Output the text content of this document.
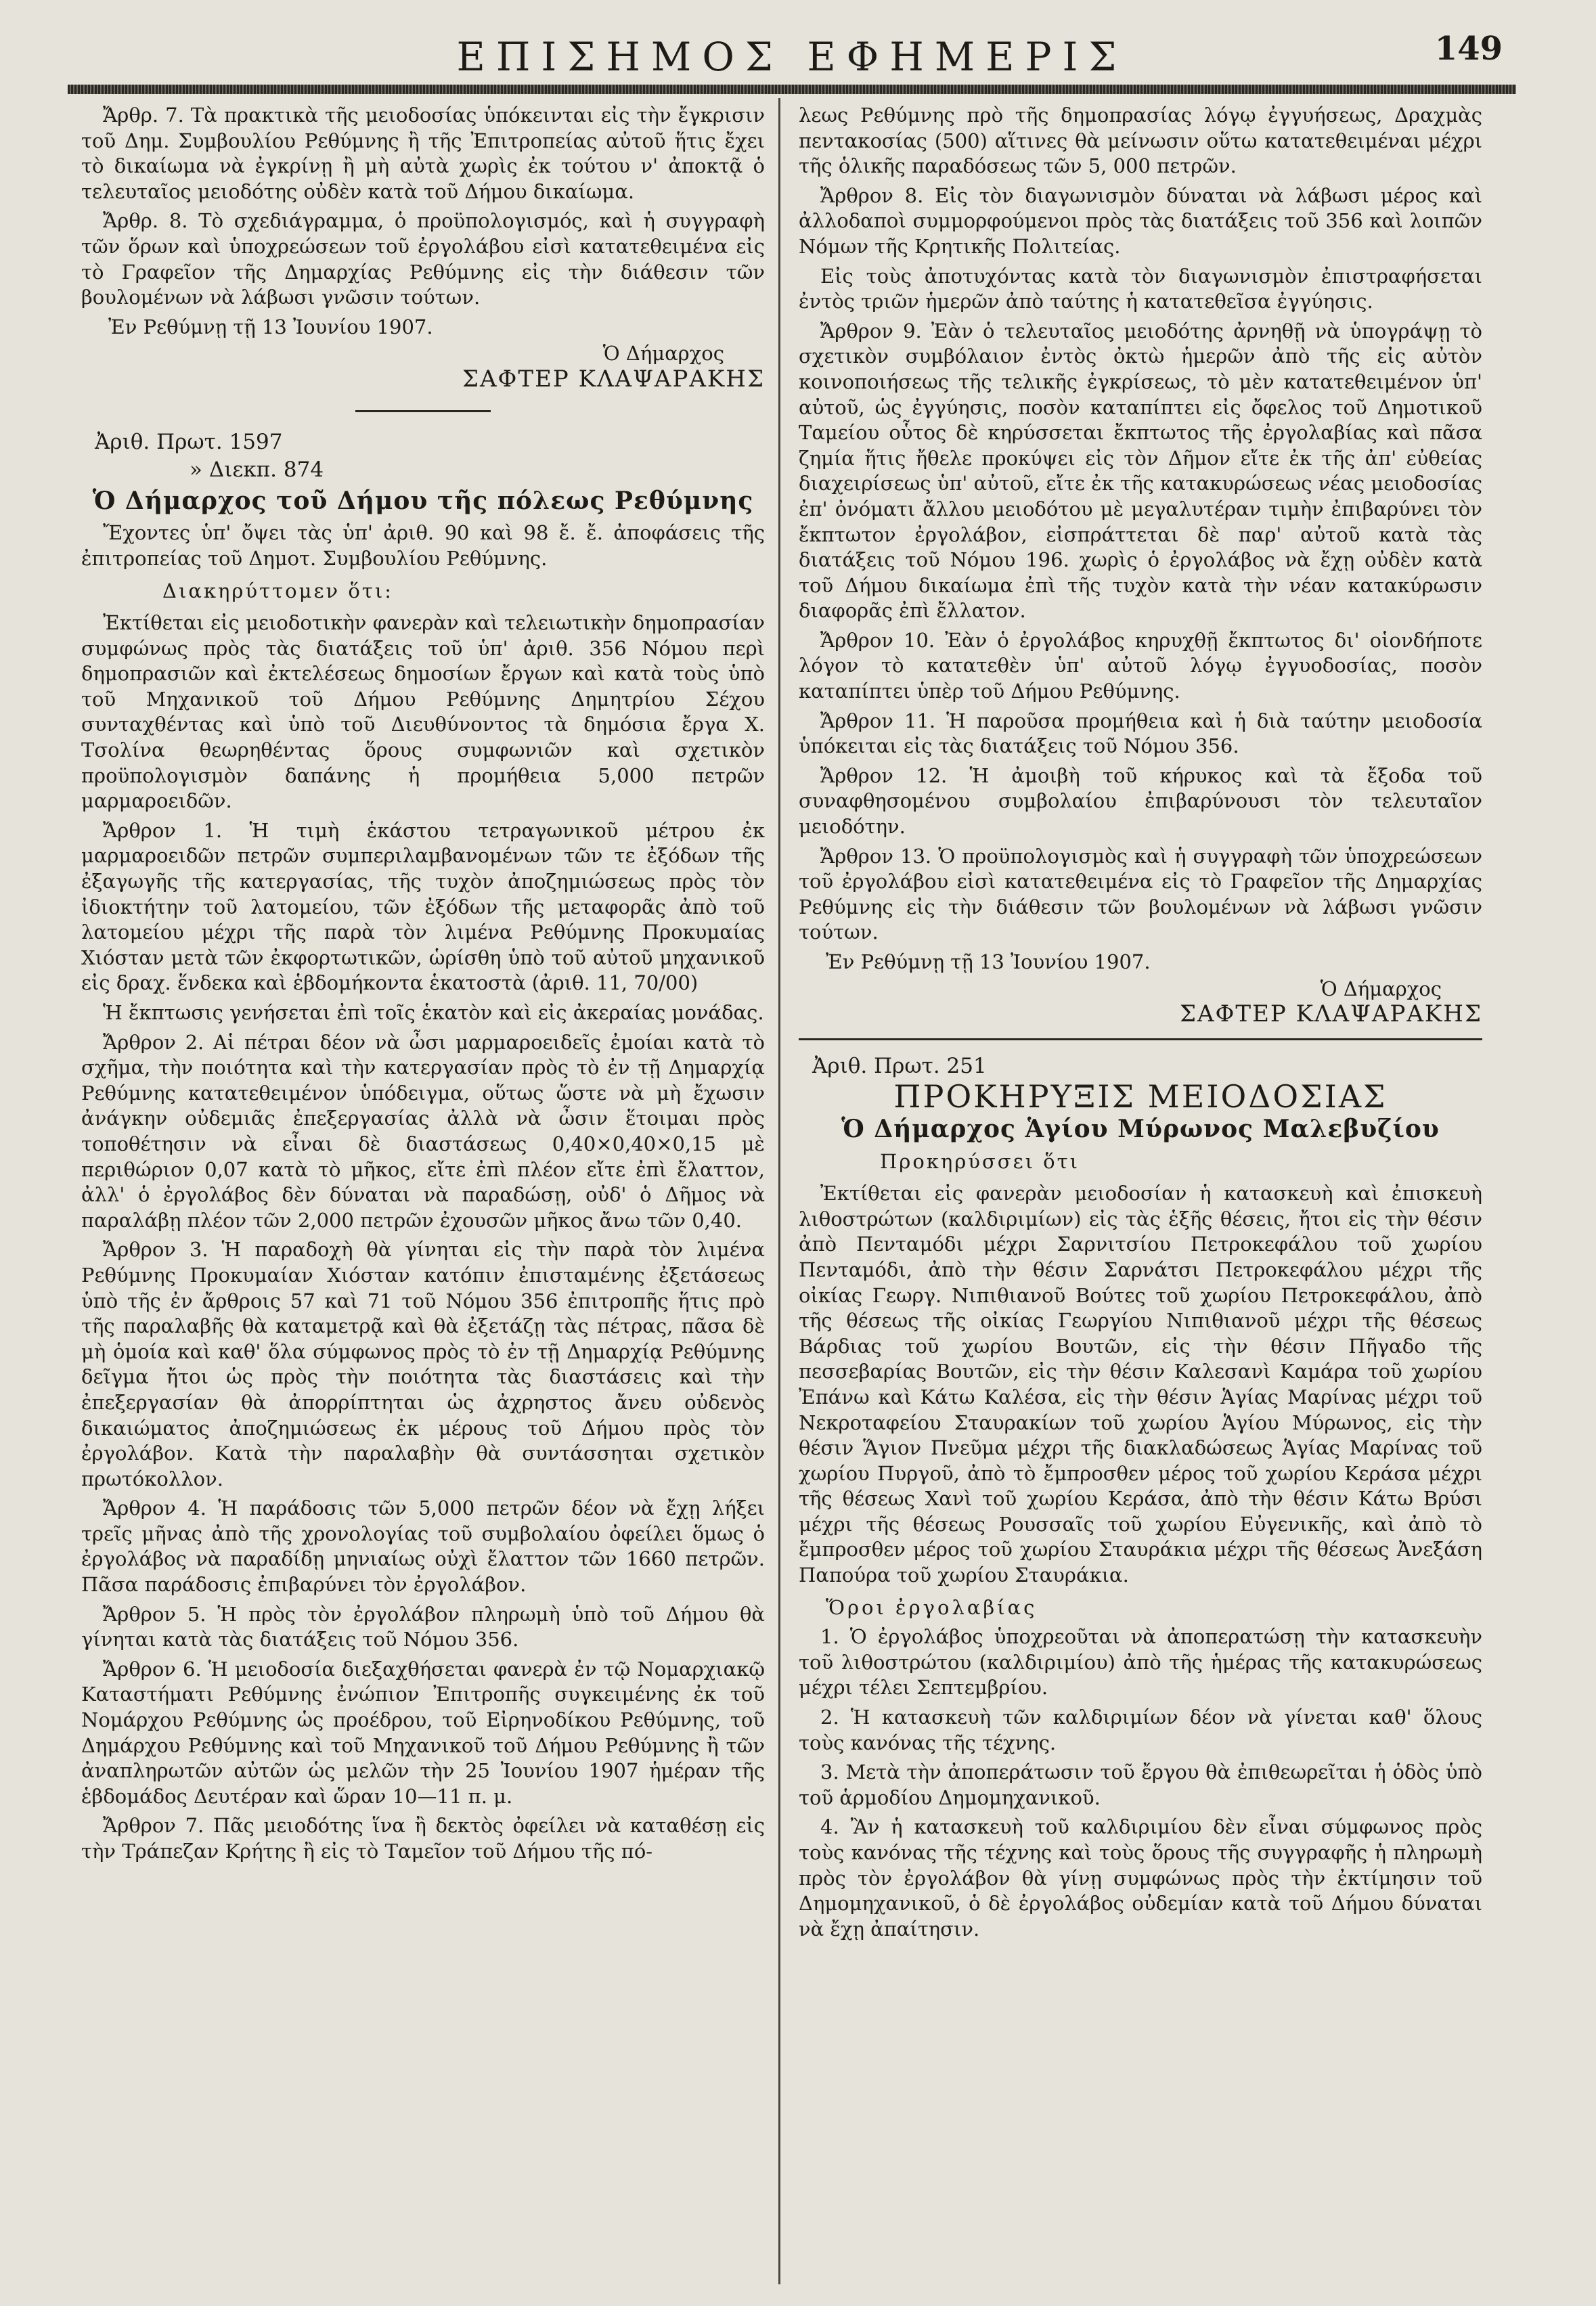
ΕΠΙΣΗΜΟΣ ΕΦΗΜΕΡΙΣ	149

Ἄρθρ. 7. Τὰ πρακτικὰ τῆς μειοδοσίας ὑπόκεινται εἰς τὴν ἔγκρισιν τοῦ Δημ. Συμβουλίου Ρεθύμνης ἢ τῆς Ἐπιτροπείας αὐτοῦ ἥτις ἔχει τὸ δικαίωμα νὰ ἐγκρίνῃ ἢ μὴ αὐτὰ χωρὶς ἐκ τούτου ν' ἀποκτᾷ ὁ τελευταῖος μειοδότης οὐδὲν κατὰ τοῦ Δήμου δικαίωμα.

Ἄρθρ. 8. Τὸ σχεδιάγραμμα, ὁ προϋπολογισμός, καὶ ἡ συγγραφὴ τῶν ὅρων καὶ ὑποχρεώσεων τοῦ ἐργολάβου εἰσὶ κατατεθειμένα εἰς τὸ Γραφεῖον τῆς Δημαρχίας Ρεθύμνης εἰς τὴν διάθεσιν τῶν βουλομένων νὰ λάβωσι γνῶσιν τούτων.

Ἐν Ρεθύμνῃ τῇ 13 Ἰουνίου 1907.

Ὁ Δήμαρχος

ΣΑΦΤΕΡ ΚΛΑΨΑΡΑΚΗΣ

Ἀριθ. Πρωτ. 1597

» Διεκπ. 874

Ὁ Δήμαρχος τοῦ Δήμου τῆς πόλεως Ρεθύμνης

Ἔχοντες ὑπ' ὄψει τὰς ὑπ' ἀριθ. 90 καὶ 98 ἔ. ἔ. ἀποφάσεις τῆς ἐπιτροπείας τοῦ Δημοτ. Συμβουλίου Ρεθύμνης.

Διακηρύττομεν ὅτι:

Ἐκτίθεται εἰς μειοδοτικὴν φανερὰν καὶ τελειωτικὴν δημοπρασίαν συμφώνως πρὸς τὰς διατάξεις τοῦ ὑπ' ἀριθ. 356 Νόμου περὶ δημοπρασιῶν καὶ ἐκτελέσεως δημοσίων ἔργων καὶ κατὰ τοὺς ὑπὸ τοῦ Μηχανικοῦ τοῦ Δήμου Ρεθύμνης Δημητρίου Σέχου συνταχθέντας καὶ ὑπὸ τοῦ Διευθύνοντος τὰ δημόσια ἔργα Χ. Τσολίνα θεωρηθέντας ὅρους συμφωνιῶν καὶ σχετικὸν προϋπολογισμὸν δαπάνης ἡ προμήθεια 5,000 πετρῶν μαρμαροειδῶν.

Ἄρθρον 1. Ἡ τιμὴ ἑκάστου τετραγωνικοῦ μέτρου ἐκ μαρμαροειδῶν πετρῶν συμπεριλαμβανομένων τῶν τε ἐξόδων τῆς ἐξαγωγῆς τῆς κατεργασίας, τῆς τυχὸν ἀποζημιώσεως πρὸς τὸν ἰδιοκτήτην τοῦ λατομείου, τῶν ἐξόδων τῆς μεταφορᾶς ἀπὸ τοῦ λατομείου μέχρι τῆς παρὰ τὸν λιμένα Ρεθύμνης Προκυμαίας Χιόσταν μετὰ τῶν ἐκφορτωτικῶν, ὡρίσθη ὑπὸ τοῦ αὐτοῦ μηχανικοῦ εἰς δραχ. ἕνδεκα καὶ ἑβδομήκοντα ἑκατοστὰ (ἀριθ. 11, 70/00)

Ἡ ἔκπτωσις γενήσεται ἐπὶ τοῖς ἑκατὸν καὶ εἰς ἀκεραίας μονάδας.

Ἄρθρον 2. Αἱ πέτραι δέον νὰ ὦσι μαρμαροειδεῖς ἐμοίαι κατὰ τὸ σχῆμα, τὴν ποιότητα καὶ τὴν κατεργασίαν πρὸς τὸ ἐν τῇ Δημαρχίᾳ Ρεθύμνης κατατεθειμένον ὑπόδειγμα, οὕτως ὥστε νὰ μὴ ἔχωσιν ἀνάγκην οὐδεμιᾶς ἐπεξεργασίας ἀλλὰ νὰ ὦσιν ἕτοιμαι πρὸς τοποθέτησιν νὰ εἶναι δὲ διαστάσεως 0,40×0,40×0,15 μὲ περιθώριον 0,07 κατὰ τὸ μῆκος, εἴτε ἐπὶ πλέον εἴτε ἐπὶ ἔλαττον, ἀλλ' ὁ ἐργολάβος δὲν δύναται νὰ παραδώσῃ, οὐδ' ὁ Δῆμος νὰ παραλάβῃ πλέον τῶν 2,000 πετρῶν ἐχουσῶν μῆκος ἄνω τῶν 0,40.

Ἄρθρον 3. Ἡ παραδοχὴ θὰ γίνηται εἰς τὴν παρὰ τὸν λιμένα Ρεθύμνης Προκυμαίαν Χιόσταν κατόπιν ἐπισταμένης ἐξετάσεως ὑπὸ τῆς ἐν ἄρθροις 57 καὶ 71 τοῦ Νόμου 356 ἐπιτροπῆς ἥτις πρὸ τῆς παραλαβῆς θὰ καταμετρᾷ καὶ θὰ ἐξετάζῃ τὰς πέτρας, πᾶσα δὲ μὴ ὁμοία καὶ καθ' ὅλα σύμφωνος πρὸς τὸ ἐν τῇ Δημαρχίᾳ Ρεθύμνης δεῖγμα ἤτοι ὡς πρὸς τὴν ποιότητα τὰς διαστάσεις καὶ τὴν ἐπεξεργασίαν θὰ ἀπορρίπτηται ὡς ἀχρηστος ἄνευ οὐδενὸς δικαιώματος ἀποζημιώσεως ἐκ μέρους τοῦ Δήμου πρὸς τὸν ἐργολάβον. Κατὰ τὴν παραλαβὴν θὰ συντάσσηται σχετικὸν πρωτόκολλον.

Ἄρθρον 4. Ἡ παράδοσις τῶν 5,000 πετρῶν δέον νὰ ἔχῃ λήξει τρεῖς μῆνας ἀπὸ τῆς χρονολογίας τοῦ συμβολαίου ὀφείλει ὅμως ὁ ἐργολάβος νὰ παραδίδῃ μηνιαίως οὐχὶ ἔλαττον τῶν 1660 πετρῶν. Πᾶσα παράδοσις ἐπιβαρύνει τὸν ἐργολάβον.

Ἄρθρον 5. Ἡ πρὸς τὸν ἐργολάβον πληρωμὴ ὑπὸ τοῦ Δήμου θὰ γίνηται κατὰ τὰς διατάξεις τοῦ Νόμου 356.

Ἄρθρον 6. Ἡ μειοδοσία διεξαχθήσεται φανερὰ ἐν τῷ Νομαρχιακῷ Καταστήματι Ρεθύμνης ἐνώπιον Ἐπιτροπῆς συγκειμένης ἐκ τοῦ Νομάρχου Ρεθύμνης ὡς προέδρου, τοῦ Εἰρηνοδίκου Ρεθύμνης, τοῦ Δημάρχου Ρεθύμνης καὶ τοῦ Μηχανικοῦ τοῦ Δήμου Ρεθύμνης ἢ τῶν ἀναπληρωτῶν αὐτῶν ὡς μελῶν τὴν 25 Ἰουνίου 1907 ἡμέραν τῆς ἑβδομάδος Δευτέραν καὶ ὥραν 10—11 π. μ.

Ἄρθρον 7. Πᾶς μειοδότης ἵνα ἢ δεκτὸς ὀφείλει νὰ καταθέσῃ εἰς τὴν Τράπεζαν Κρήτης ἢ εἰς τὸ Ταμεῖον τοῦ Δήμου τῆς πό-

λεως Ρεθύμνης πρὸ τῆς δημοπρασίας λόγῳ ἐγγυήσεως, Δραχμὰς πεντακοσίας (500) αἵτινες θὰ μείνωσιν οὕτω κατατεθειμέναι μέχρι τῆς ὁλικῆς παραδόσεως τῶν 5, 000 πετρῶν.

Ἄρθρον 8. Εἰς τὸν διαγωνισμὸν δύναται νὰ λάβωσι μέρος καὶ ἀλλοδαποὶ συμμορφούμενοι πρὸς τὰς διατάξεις τοῦ 356 καὶ λοιπῶν Νόμων τῆς Κρητικῆς Πολιτείας.

Εἰς τοὺς ἀποτυχόντας κατὰ τὸν διαγωνισμὸν ἐπιστραφήσεται ἐντὸς τριῶν ἡμερῶν ἀπὸ ταύτης ἡ κατατεθεῖσα ἐγγύησις.

Ἄρθρον 9. Ἐὰν ὁ τελευταῖος μειοδότης ἀρνηθῇ νὰ ὑπογράψῃ τὸ σχετικὸν συμβόλαιον ἐντὸς ὀκτὼ ἡμερῶν ἀπὸ τῆς εἰς αὐτὸν κοινοποιήσεως τῆς τελικῆς ἐγκρίσεως, τὸ μὲν κατατεθειμένον ὑπ' αὐτοῦ, ὡς ἐγγύησις, ποσὸν καταπίπτει εἰς ὄφελος τοῦ Δημοτικοῦ Ταμείου οὗτος δὲ κηρύσσεται ἔκπτωτος τῆς ἐργολαβίας καὶ πᾶσα ζημία ἥτις ἤθελε προκύψει εἰς τὸν Δῆμον εἴτε ἐκ τῆς ἀπ' εὐθείας διαχειρίσεως ὑπ' αὐτοῦ, εἴτε ἐκ τῆς κατακυρώσεως νέας μειοδοσίας ἐπ' ὀνόματι ἄλλου μειοδότου μὲ μεγαλυτέραν τιμὴν ἐπιβαρύνει τὸν ἔκπτωτον ἐργολάβον, εἰσπράττεται δὲ παρ' αὐτοῦ κατὰ τὰς διατάξεις τοῦ Νόμου 196. χωρὶς ὁ ἐργολάβος νὰ ἔχῃ οὐδὲν κατὰ τοῦ Δήμου δικαίωμα ἐπὶ τῆς τυχὸν κατὰ τὴν νέαν κατακύρωσιν διαφορᾶς ἐπὶ ἔλλατον.

Ἄρθρον 10. Ἐὰν ὁ ἐργολάβος κηρυχθῇ ἔκπτωτος δι' οἱονδήποτε λόγον τὸ κατατεθὲν ὑπ' αὐτοῦ λόγῳ ἐγγυοδοσίας, ποσὸν καταπίπτει ὑπὲρ τοῦ Δήμου Ρεθύμνης.

Ἄρθρον 11. Ἡ παροῦσα προμήθεια καὶ ἡ διὰ ταύτην μειοδοσία ὑπόκειται εἰς τὰς διατάξεις τοῦ Νόμου 356.

Ἄρθρον 12. Ἡ ἀμοιβὴ τοῦ κήρυκος καὶ τὰ ἔξοδα τοῦ συναφθησομένου συμβολαίου ἐπιβαρύνουσι τὸν τελευταῖον μειοδότην.

Ἄρθρον 13. Ὁ προϋπολογισμὸς καὶ ἡ συγγραφὴ τῶν ὑποχρεώσεων τοῦ ἐργολάβου εἰσὶ κατατεθειμένα εἰς τὸ Γραφεῖον τῆς Δημαρχίας Ρεθύμνης εἰς τὴν διάθεσιν τῶν βουλομένων νὰ λάβωσι γνῶσιν τούτων.

Ἐν Ρεθύμνῃ τῇ 13 Ἰουνίου 1907.

Ὁ Δήμαρχος

ΣΑΦΤΕΡ ΚΛΑΨΑΡΑΚΗΣ

Ἀριθ. Πρωτ. 251

ΠΡΟΚΗΡΥΞΙΣ ΜΕΙΟΔΟΣΙΑΣ

Ὁ Δήμαρχος Ἁγίου Μύρωνος Μαλεβυζίου

Προκηρύσσει ὅτι

Ἐκτίθεται εἰς φανερὰν μειοδοσίαν ἡ κατασκευὴ καὶ ἐπισκευὴ λιθοστρώτων (καλδιριμίων) εἰς τὰς ἑξῆς θέσεις, ἤτοι εἰς τὴν θέσιν ἀπὸ Πενταμόδι μέχρι Σαρνιτσίου Πετροκεφάλου τοῦ χωρίου Πενταμόδι, ἀπὸ τὴν θέσιν Σαρνάτσι Πετροκεφάλου μέχρι τῆς οἰκίας Γεωργ. Νιπιθιανοῦ Βούτες τοῦ χωρίου Πετροκεφάλου, ἀπὸ τῆς θέσεως τῆς οἰκίας Γεωργίου Νιπιθιανοῦ μέχρι τῆς θέσεως Βάρδιας τοῦ χωρίου Βουτῶν, εἰς τὴν θέσιν Πῆγαδο τῆς πεσσεβαρίας Βουτῶν, εἰς τὴν θέσιν Καλεσανὶ Καμάρα τοῦ χωρίου Ἐπάνω καὶ Κάτω Καλέσα, εἰς τὴν θέσιν Ἁγίας Μαρίνας μέχρι τοῦ Νεκροταφείου Σταυρακίων τοῦ χωρίου Ἁγίου Μύρωνος, εἰς τὴν θέσιν Ἅγιον Πνεῦμα μέχρι τῆς διακλαδώσεως Ἁγίας Μαρίνας τοῦ χωρίου Πυργοῦ, ἀπὸ τὸ ἔμπροσθεν μέρος τοῦ χωρίου Κεράσα μέχρι τῆς θέσεως Χανὶ τοῦ χωρίου Κεράσα, ἀπὸ τὴν θέσιν Κάτω Βρύσι μέχρι τῆς θέσεως Ρουσσαῖς τοῦ χωρίου Εὐγενικῆς, καὶ ἀπὸ τὸ ἔμπροσθεν μέρος τοῦ χωρίου Σταυράκια μέχρι τῆς θέσεως Ἀνεξάση Παπούρα τοῦ χωρίου Σταυράκια.

Ὅροι ἐργολαβίας

1. Ὁ ἐργολάβος ὑποχρεοῦται νὰ ἀποπερατώσῃ τὴν κατασκευὴν τοῦ λιθοστρώτου (καλδιριμίου) ἀπὸ τῆς ἡμέρας τῆς κατακυρώσεως μέχρι τέλει Σεπτεμβρίου.

2. Ἡ κατασκευὴ τῶν καλδιριμίων δέον νὰ γίνεται καθ' ὅλους τοὺς κανόνας τῆς τέχνης.

3. Μετὰ τὴν ἀποπεράτωσιν τοῦ ἔργου θὰ ἐπιθεωρεῖται ἡ ὁδὸς ὑπὸ τοῦ ἁρμοδίου Δημομηχανικοῦ.

4. Ἂν ἡ κατασκευὴ τοῦ καλδιριμίου δὲν εἶναι σύμφωνος πρὸς τοὺς κανόνας τῆς τέχνης καὶ τοὺς ὅρους τῆς συγγραφῆς ἡ πληρωμὴ πρὸς τὸν ἐργολάβον θὰ γίνῃ συμφώνως πρὸς τὴν ἐκτίμησιν τοῦ Δημομηχανικοῦ, ὁ δὲ ἐργολάβος οὐδεμίαν κατὰ τοῦ Δήμου δύναται νὰ ἔχῃ ἀπαίτησιν.
